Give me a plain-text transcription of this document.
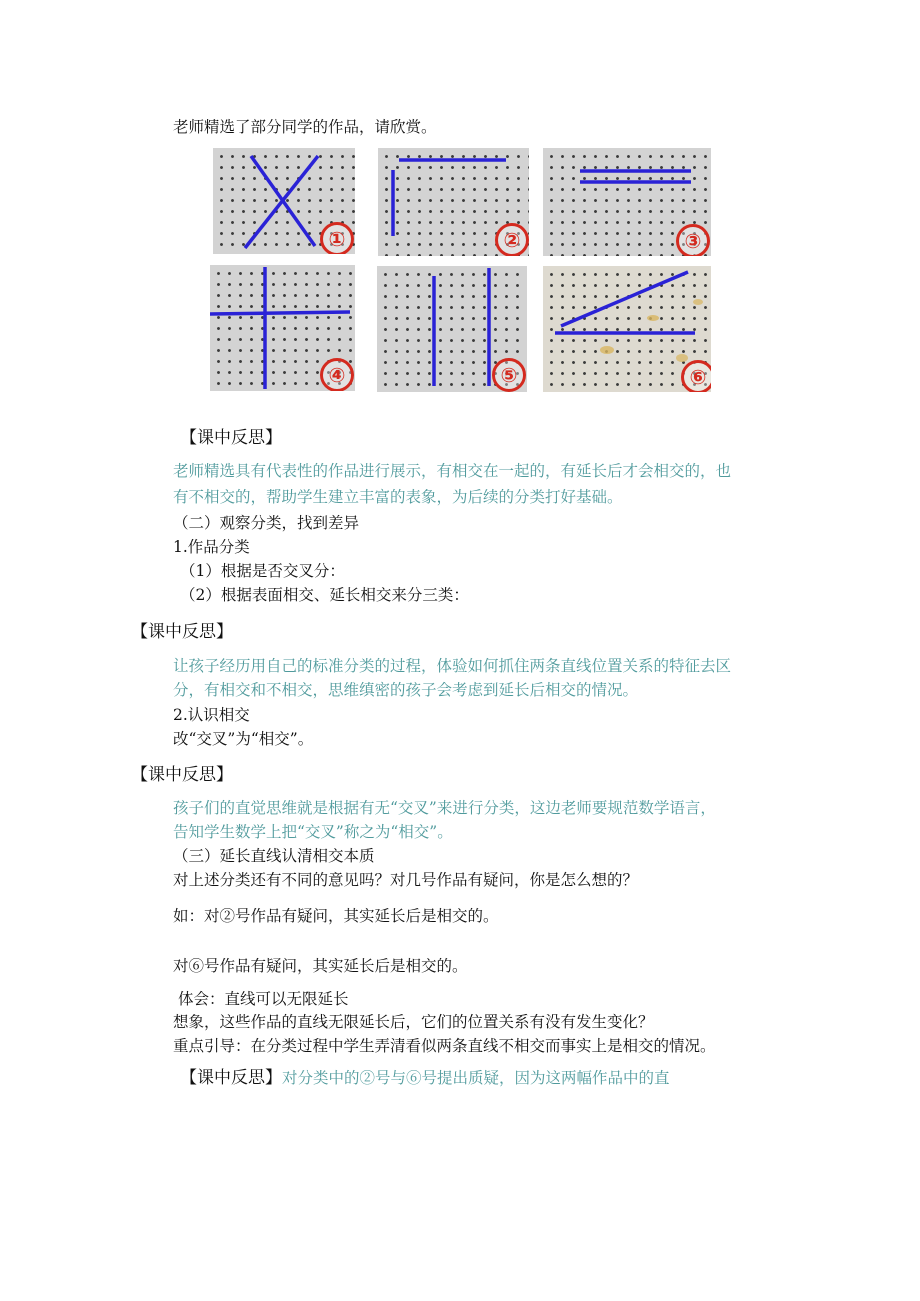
老师精选了部分同学的作品，请欣赏。
①	②	③
④	⑤	⑥
【课中反思】
老师精选具有代表性的作品进行展示，有相交在一起的，有延长后才会相交的，也
有不相交的，帮助学生建立丰富的表象，为后续的分类打好基础。
（二）观察分类，找到差异
1.作品分类
（1）根据是否交叉分：
（2）根据表面相交、延长相交来分三类：
【课中反思】
让孩子经历用自己的标准分类的过程，体验如何抓住两条直线位置关系的特征去区
分，有相交和不相交，思维缜密的孩子会考虑到延长后相交的情况。
2.认识相交
改“交叉”为“相交”。
【课中反思】
孩子们的直觉思维就是根据有无“交叉”来进行分类，这边老师要规范数学语言，
告知学生数学上把“交叉”称之为“相交”。
（三）延长直线认清相交本质
对上述分类还有不同的意见吗？对几号作品有疑问，你是怎么想的？
如：对②号作品有疑问，其实延长后是相交的。
对⑥号作品有疑问，其实延长后是相交的。
体会：直线可以无限延长
想象，这些作品的直线无限延长后，它们的位置关系有没有发生变化？
重点引导：在分类过程中学生弄清看似两条直线不相交而事实上是相交的情况。
【课中反思】对分类中的②号与⑥号提出质疑，因为这两幅作品中的直
